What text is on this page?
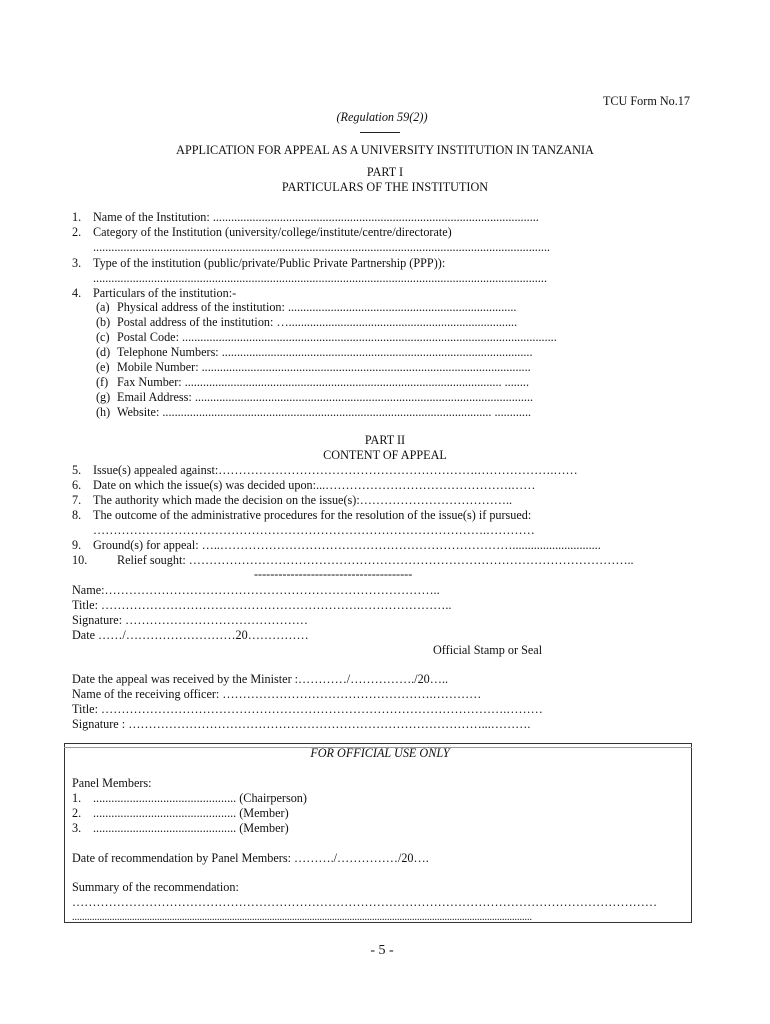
TCU Form No.17
(Regulation 59(2))
APPLICATION FOR APPEAL AS A UNIVERSITY INSTITUTION IN TANZANIA
PART I
PARTICULARS OF THE INSTITUTION
1. Name of the Institution: ...........................................................................................................
2. Category of the Institution (university/college/institute/centre/directorate)
......................................................................................................................................................
3. Type of the institution (public/private/Public Private Partnership (PPP)):
.....................................................................................................................................................
4. Particulars of the institution:-
(a) Physical address of the institution: ...........................................................................
(b) Postal address of the institution: …...........................................................................
(c) Postal Code: ...........................................................................................................................
(d) Telephone Numbers: ......................................................................................................
(e) Mobile Number: ............................................................................................................
(f) Fax Number: ........................................................................................................ ........
(g) Email Address: ...............................................................................................................
(h) Website: ............................................................................................................ ............
PART II
CONTENT OF APPEAL
5. Issue(s) appealed against:……………………………………………………….……………….……
6. Date on which the issue(s) was decided upon:...……………………………………….……
7. The authority which made the decision on the issue(s):………………………………..
8. The outcome of the administrative procedures for the resolution of the issue(s) if pursued:
…………………………………………………………………………………….…………
9. Ground(s) for appeal: …..……………………………………………………………….............................
10. Relief sought: ………………………………………………………………………………………………..
---------------------------------------
Name:………………………………………………………………………..
Title: ……………………………………………………….…………………..
Signature: ………………………………………
Date ……/………………………20……………
Official Stamp or Seal
Date the appeal was received by the Minister :…………/……………./20…..
Name of the receiving officer: …………………………………………….…………
Title: ……………………………………………………………………………………….………
Signature : ……………………………………………………………………………...……….
FOR OFFICIAL USE ONLY
Panel Members:
1. ............................................... (Chairperson)
2. ............................................... (Member)
3. ............................................... (Member)
Date of recommendation by Panel Members: ………./……………/20….
Summary of the recommendation:
………………………………………………………………………………………………………………………………
........................................................................................................................................................................................
- 5 -
